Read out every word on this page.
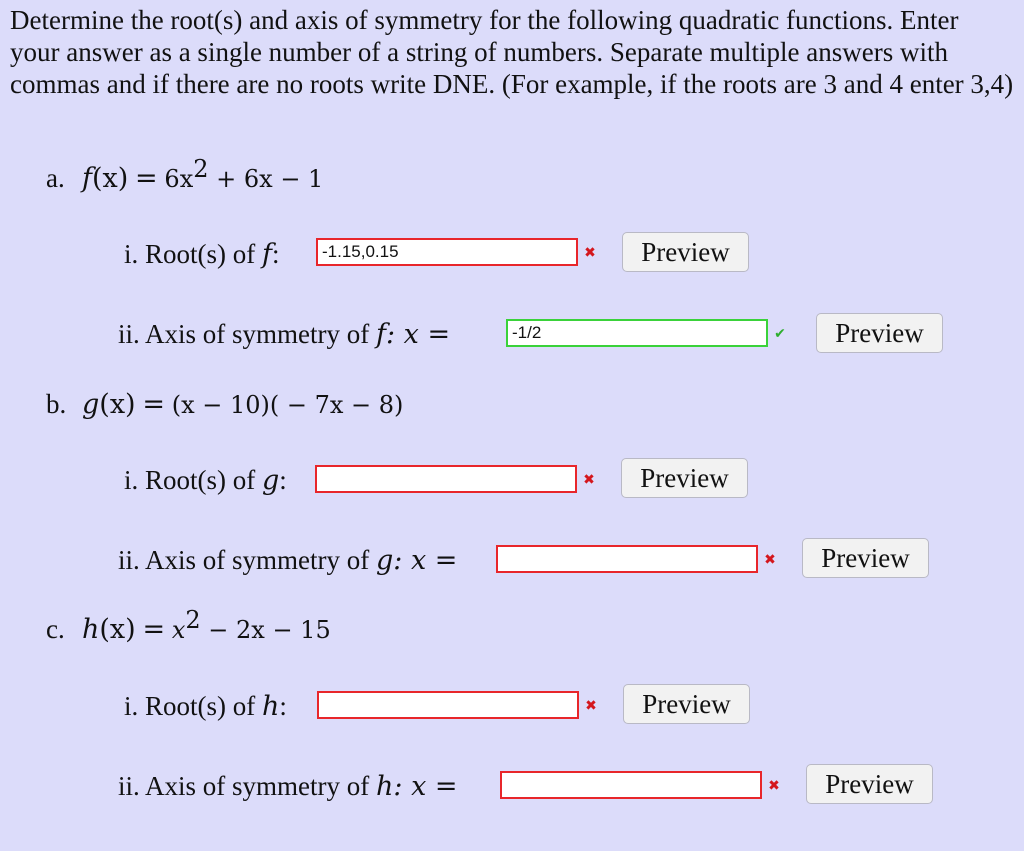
Determine the root(s) and axis of symmetry for the following quadratic functions. Enter your answer as a single number of a string of numbers. Separate multiple answers with commas and if there are no roots write DNE. (For example, if the roots are 3 and 4 enter 3,4)

a. $f(x) = 6x^2 + 6x - 1$
i. Root(s) of f:	-1.15,0.15	✖	Preview
ii. Axis of symmetry of f: x =	-1/2	✔	Preview
b. g(x) = (x − 10)( − 7x − 8)
i. Root(s) of g:	✖	Preview
ii. Axis of symmetry of g: x =	✖	Preview
c. $h(x) = x^2 - 2x - 15$
i. Root(s) of h:	✖	Preview
ii. Axis of symmetry of h: x =	✖	Preview
